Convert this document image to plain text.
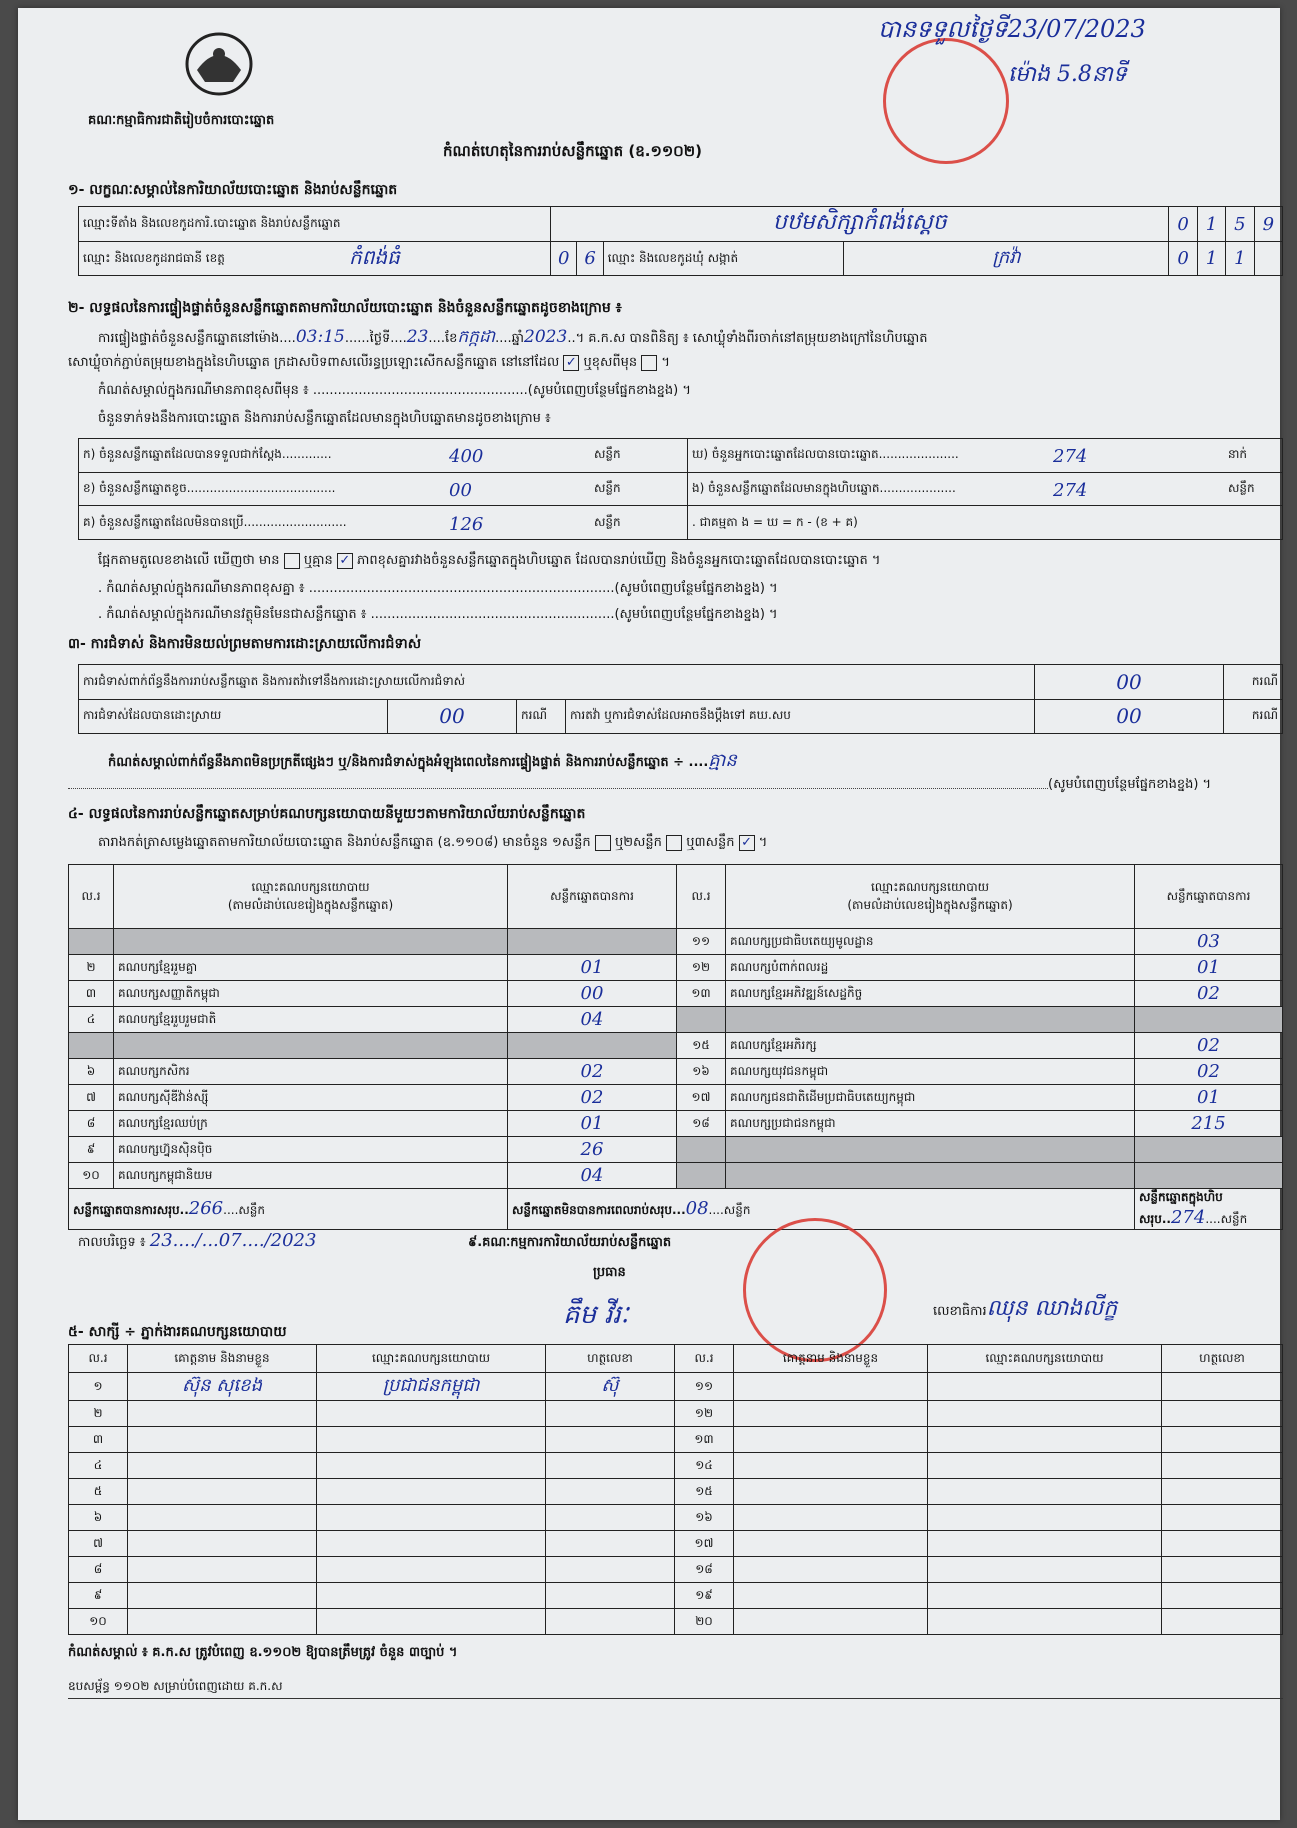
គណៈកម្មាធិការជាតិរៀបចំការបោះឆ្នោត
បានទទួលថ្ងៃទី23/07/2023
ម៉ោង 5.8នាទី
កំណត់ហេតុនៃការរាប់សន្លឹកឆ្នោត (ឧ.១១០២)
១- លក្ខណៈសម្គាល់នៃការិយាល័យបោះឆ្នោត និងរាប់សន្លឹកឆ្នោត
ឈ្មោះទីតាំង និងលេខកូដការិ.បោះឆ្នោត និងរាប់សន្លឹកឆ្នោត	បឋមសិក្សាកំពង់ស្ដេច				0	1	5	9
ឈ្មោះ និងលេខកូដរាជធានី ខេត្ត កំពង់ធំ	0	6	ឈ្មោះ និងលេខកូដឃុំ សង្កាត់	ក្រវ៉ា	0	1	1	
២- លទ្ធផលនៃការផ្ទៀងផ្ទាត់ចំនួនសន្លឹកឆ្នោតតាមការិយាល័យបោះឆ្នោត និងចំនួនសន្លឹកឆ្នោតដូចខាងក្រោម ៖
ការផ្ទៀងផ្ទាត់ចំនួនសន្លឹកឆ្នោតនៅម៉ោង....03:15......ថ្ងៃទី....23....ខែកក្កដា....ឆ្នាំ2023..។ គ.ក.ស បានពិនិត្យ ៖ សោឃ្លុំទាំងពីរចាក់នៅតម្រុយខាងក្រៅនៃហិបឆ្នោត
សោឃ្លុំចាក់ភ្ជាប់តម្រុយខាងក្នុងនៃហិបឆ្នោត ក្រដាសបិទពាសលើរន្ធប្រឡោះសើកសន្លឹកឆ្នោត នៅនៅដែល ✓ ឬខុសពីមុន  ។
កំណត់សម្គាល់ក្នុងករណីមានភាពខុសពីមុន ៖ ....................................................(សូមបំពេញបន្ថែមផ្នែកខាងខ្នង) ។
ចំនួនទាក់ទងនឹងការបោះឆ្នោត និងការរាប់សន្លឹកឆ្នោតដែលមានក្នុងហិបឆ្នោតមានដូចខាងក្រោម ៖
ក) ចំនួនសន្លឹកឆ្នោតដែលបានទទួលជាក់ស្ដែង............. 400 សន្លឹក	ឃ) ចំនួនអ្នកបោះឆ្នោតដែលបានបោះឆ្នោត..................... 274 នាក់

ខ) ចំនួនសន្លឹកឆ្នោតខូច....................................... 00 សន្លឹក	ង) ចំនួនសន្លឹកឆ្នោតដែលមានក្នុងហិបឆ្នោត.................... 274 សន្លឹក

គ) ចំនួនសន្លឹកឆ្នោតដែលមិនបានប្រើ........................... 126 សន្លឹក	. ជាគម្មតា ង = ឃ = ក - (ខ + គ)
ផ្អែកតាមតួលេខខាងលើ ឃើញថា មាន ឬគ្មាន ✓ ភាពខុសគ្នារវាងចំនួនសន្លឹកឆ្នោតក្នុងហិបឆ្នោត ដែលបានរាប់ឃើញ និងចំនួនអ្នកបោះឆ្នោតដែលបានបោះឆ្នោត ។
. កំណត់សម្គាល់ក្នុងករណីមានភាពខុសគ្នា ៖ ..........................................................................(សូមបំពេញបន្ថែមផ្នែកខាងខ្នង) ។
. កំណត់សម្គាល់ក្នុងករណីមានវត្ថុមិនមែនជាសន្លឹកឆ្នោត ៖ ...........................................................(សូមបំពេញបន្ថែមផ្នែកខាងខ្នង) ។
៣- ការជំទាស់ និងការមិនយល់ព្រមតាមការដោះស្រាយលើការជំទាស់
ការជំទាស់ពាក់ព័ន្ធនឹងការរាប់សន្លឹកឆ្នោត និងការតវ៉ាទៅនឹងការដោះស្រាយលើការជំទាស់				00	ករណី
ការជំទាស់ដែលបានដោះស្រាយ	00	ករណី	ការតវ៉ា ឬការជំទាស់ដែលអាចនឹងប្ដឹងទៅ គឃ.សប	00	ករណី
កំណត់សម្គាល់ពាក់ព័ន្ធនឹងភាពមិនប្រក្រតីផ្សេងៗ ឬ/និងការជំទាស់ក្នុងអំឡុងពេលនៃការផ្ទៀងផ្ទាត់ និងការរាប់សន្លឹកឆ្នោត ÷ ....គ្មាន
(សូមបំពេញបន្ថែមផ្នែកខាងខ្នង) ។
៤- លទ្ធផលនៃការរាប់សន្លឹកឆ្នោតសម្រាប់គណបក្សនយោបាយនីមួយៗតាមការិយាល័យរាប់សន្លឹកឆ្នោត
តារាងកត់ត្រាសម្លេងឆ្នោតតាមការិយាល័យបោះឆ្នោត និងរាប់សន្លឹកឆ្នោត (ឧ.១១០៨) មានចំនួន ១សន្លឹក ឬ២សន្លឹក ឬ៣សន្លឹក ✓ ។
ល.រ	ឈ្មោះគណបក្សនយោបាយ
(តាមលំដាប់លេខរៀងក្នុងសន្លឹកឆ្នោត)	សន្លឹកឆ្នោតបានការ	ល.រ	ឈ្មោះគណបក្សនយោបាយ
(តាមលំដាប់លេខរៀងក្នុងសន្លឹកឆ្នោត)	សន្លឹកឆ្នោតបានការ
			១១	គណបក្សប្រជាធិបតេយ្យមូលដ្ឋាន	03
២	គណបក្សខ្មែររួមគ្នា	01	១២	គណបក្សបំពាក់ពលរដ្ឋ	01
៣	គណបក្សសញ្ញាតិកម្ពុជា	00	១៣	គណបក្សខ្មែរអភិវឌ្ឍន៍សេដ្ឋកិច្ច	02
៤	គណបក្សខ្មែររួបរួមជាតិ	04			
			១៥	គណបក្សខ្មែរអភិរក្ស	02
៦	គណបក្សកសិករ	02	១៦	គណបក្សយុវជនកម្ពុជា	02
៧	គណបក្សស៊ីឌីវ៉ាន់ស្ស៊ី	02	១៧	គណបក្សជនជាតិដើមប្រជាធិបតេយ្យកម្ពុជា	01
៨	គណបក្សខ្មែរឈប់ក្រ	01	១៨	គណបក្សប្រជាជនកម្ពុជា	215
៩	គណបក្សហ្វ៊ុនស៊ិនប៉ិច	26			
១០	គណបក្សកម្ពុជានិយម	04			
សន្លឹកឆ្នោតបានការសរុប..266....សន្លឹក		សន្លឹកឆ្នោតមិនបានការពេលរាប់សរុប...08....សន្លឹក			សន្លឹកឆ្នោតក្នុងហិបសរុប..274....សន្លឹក
កាលបរិច្ឆេទ ៖ 23..../...07..../2023	៩.គណៈកម្មការការិយាល័យរាប់សន្លឹកឆ្នោត
ប្រធាន
គឹម វីរៈ	លេខាធិការឈុន ឈាងលីក្ខ
៥- សាក្សី ÷ ភ្នាក់ងារគណបក្សនយោបាយ
ល.រ	គោត្តនាម និងនាមខ្លួន	ឈ្មោះគណបក្សនយោបាយ	ហត្ថលេខា	ល.រ	គោត្តនាម និងនាមខ្លួន	ឈ្មោះគណបក្សនយោបាយ	ហត្ថលេខា
១	ស៊ុន សុខេង	ប្រជាជនកម្ពុជា	ស៊ុ	១១			
២				១២			
៣				១៣			
៤				១៤			
៥				១៥			
៦				១៦			
៧				១៧			
៨				១៨			
៩				១៩			
១០				២០			
កំណត់សម្គាល់ ៖ គ.ក.ស ត្រូវបំពេញ ឧ.១១០២ ឱ្យបានត្រឹមត្រូវ ចំនួន ៣ច្បាប់ ។
ឧបសម្ព័ន្ធ ១១០២ សម្រាប់បំពេញដោយ គ.ក.ស
